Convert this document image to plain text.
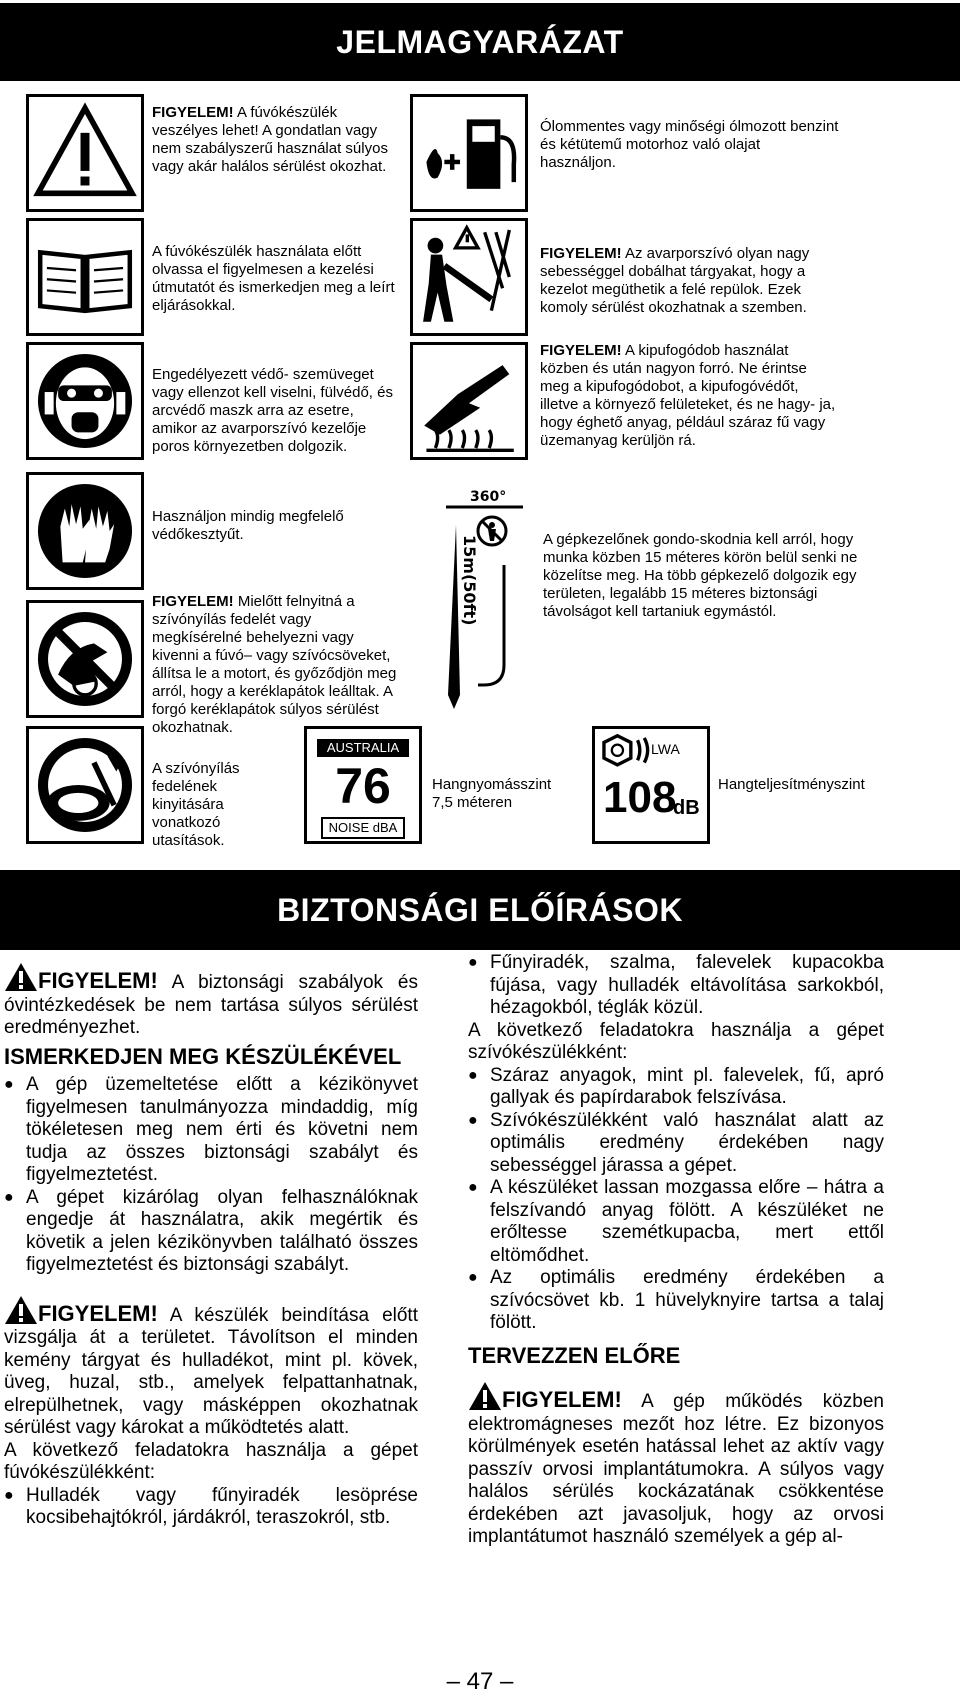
JELMAGYARÁZAT
FIGYELEM! A fúvókészülék veszélyes lehet! A gondatlan vagy nem szabályszerű használat súlyos vagy akár halálos sérülést okozhat.
Ólommentes vagy minőségi ólmozott benzint és kétütemű motorhoz való olajat használjon.
A fúvókészülék használata előtt olvassa el figyelmesen a kezelési útmutatót és ismerkedjen meg a leírt eljárásokkal.
FIGYELEM! Az avarporszívó olyan nagy sebességgel dobálhat tárgyakat, hogy a kezelot megüthetik a felé repülok. Ezek komoly sérülést okozhatnak a szemben.
Engedélyezett védő- szemüveget vagy ellenzot kell viselni, fülvédő, és arcvédő maszk arra az esetre, amikor az avarporszívó kezelője poros környezetben dolgozik.
FIGYELEM! A kipufogódob használat közben és után nagyon forró. Ne érintse meg a kipufogódobot, a kipufogóvédőt, illetve a környező felületeket, és ne hagy- ja, hogy éghető anyag, például száraz fű vagy üzemanyag kerüljön rá.
Használjon mindig megfelelő védőkesztyűt.
FIGYELEM! Mielőtt felnyitná a szívónyílás fedelét vagy megkísérelné behelyezni vagy kivenni a fúvó– vagy szívócsöveket, állítsa le a motort, és győződjön meg arról, hogy a keréklapátok leálltak. A forgó keréklapátok súlyos sérülést okozhatnak.
360°
15m(50ft)	A gépkezelőnek gondo-skodnia kell arról, hogy munka közben 15 méteres körön belül senki ne közelítse meg. Ha több gépkezelő dolgozik egy területen, legalább 15 méteres biztonsági távolságot kell tartaniuk egymástól.
A szívónyílás fedelének kinyitására vonatkozó utasítások.
AUSTRALIA
76
NOISE dBA
Hangnyomásszint 7,5 méteren
LWA
108
dB
Hangteljesítményszint
BIZTONSÁGI ELŐÍRÁSOK

FIGYELEM! A biztonsági szabályok és óvintézkedések be nem tartása súlyos sérülést eredményezhet.

ISMERKEDJEN MEG KÉSZÜLÉKÉVEL
● A gép üzemeltetése előtt a kézikönyvet figyelmesen tanulmányozza mindaddig, míg tökéletesen meg nem érti és követni nem tudja az összes biztonsági szabályt és figyelmeztetést.
● A gépet kizárólag olyan felhasználóknak engedje át használatra, akik megértik és követik a jelen kézikönyvben található összes figyelmeztetést és biztonsági szabályt.

FIGYELEM! A készülék beindítása előtt vizsgálja át a területet. Távolítson el minden kemény tárgyat és hulladékot, mint pl. kövek, üveg, huzal, stb., amelyek felpattanhatnak, elrepülhetnek, vagy másképpen okozhatnak sérülést vagy károkat a működtetés alatt.

A következő feladatokra használja a gépet fúvókészülékként:

● Hulladék vagy fűnyiradék lesöprése kocsibehajtókról, járdákról, teraszokról, stb.
● Fűnyiradék, szalma, falevelek kupacokba fújása, vagy hulladék eltávolítása sarkokból, hézagokból, téglák közül.

A következő feladatokra használja a gépet szívókészülékként:

● Száraz anyagok, mint pl. falevelek, fű, apró gallyak és papírdarabok felszívása.
● Szívókészülékként való használat alatt az optimális eredmény érdekében nagy sebességgel járassa a gépet.
● A készüléket lassan mozgassa előre – hátra a felszívandó anyag fölött. A készüléket ne erőltesse szemétkupacba, mert ettől eltömődhet.
● Az optimális eredmény érdekében a szívócsövet kb. 1 hüvelyknyire tartsa a talaj fölött.
TERVEZZEN ELŐRE

FIGYELEM! A gép működés közben elektromágneses mezőt hoz létre. Ez bizonyos körülmények esetén hatással lehet az aktív vagy passzív orvosi implantátumokra. A súlyos vagy halálos sérülés kockázatának csökkentése érdekében azt javasoljuk, hogy az orvosi implantátumot használó személyek a gép al-

– 47 –
